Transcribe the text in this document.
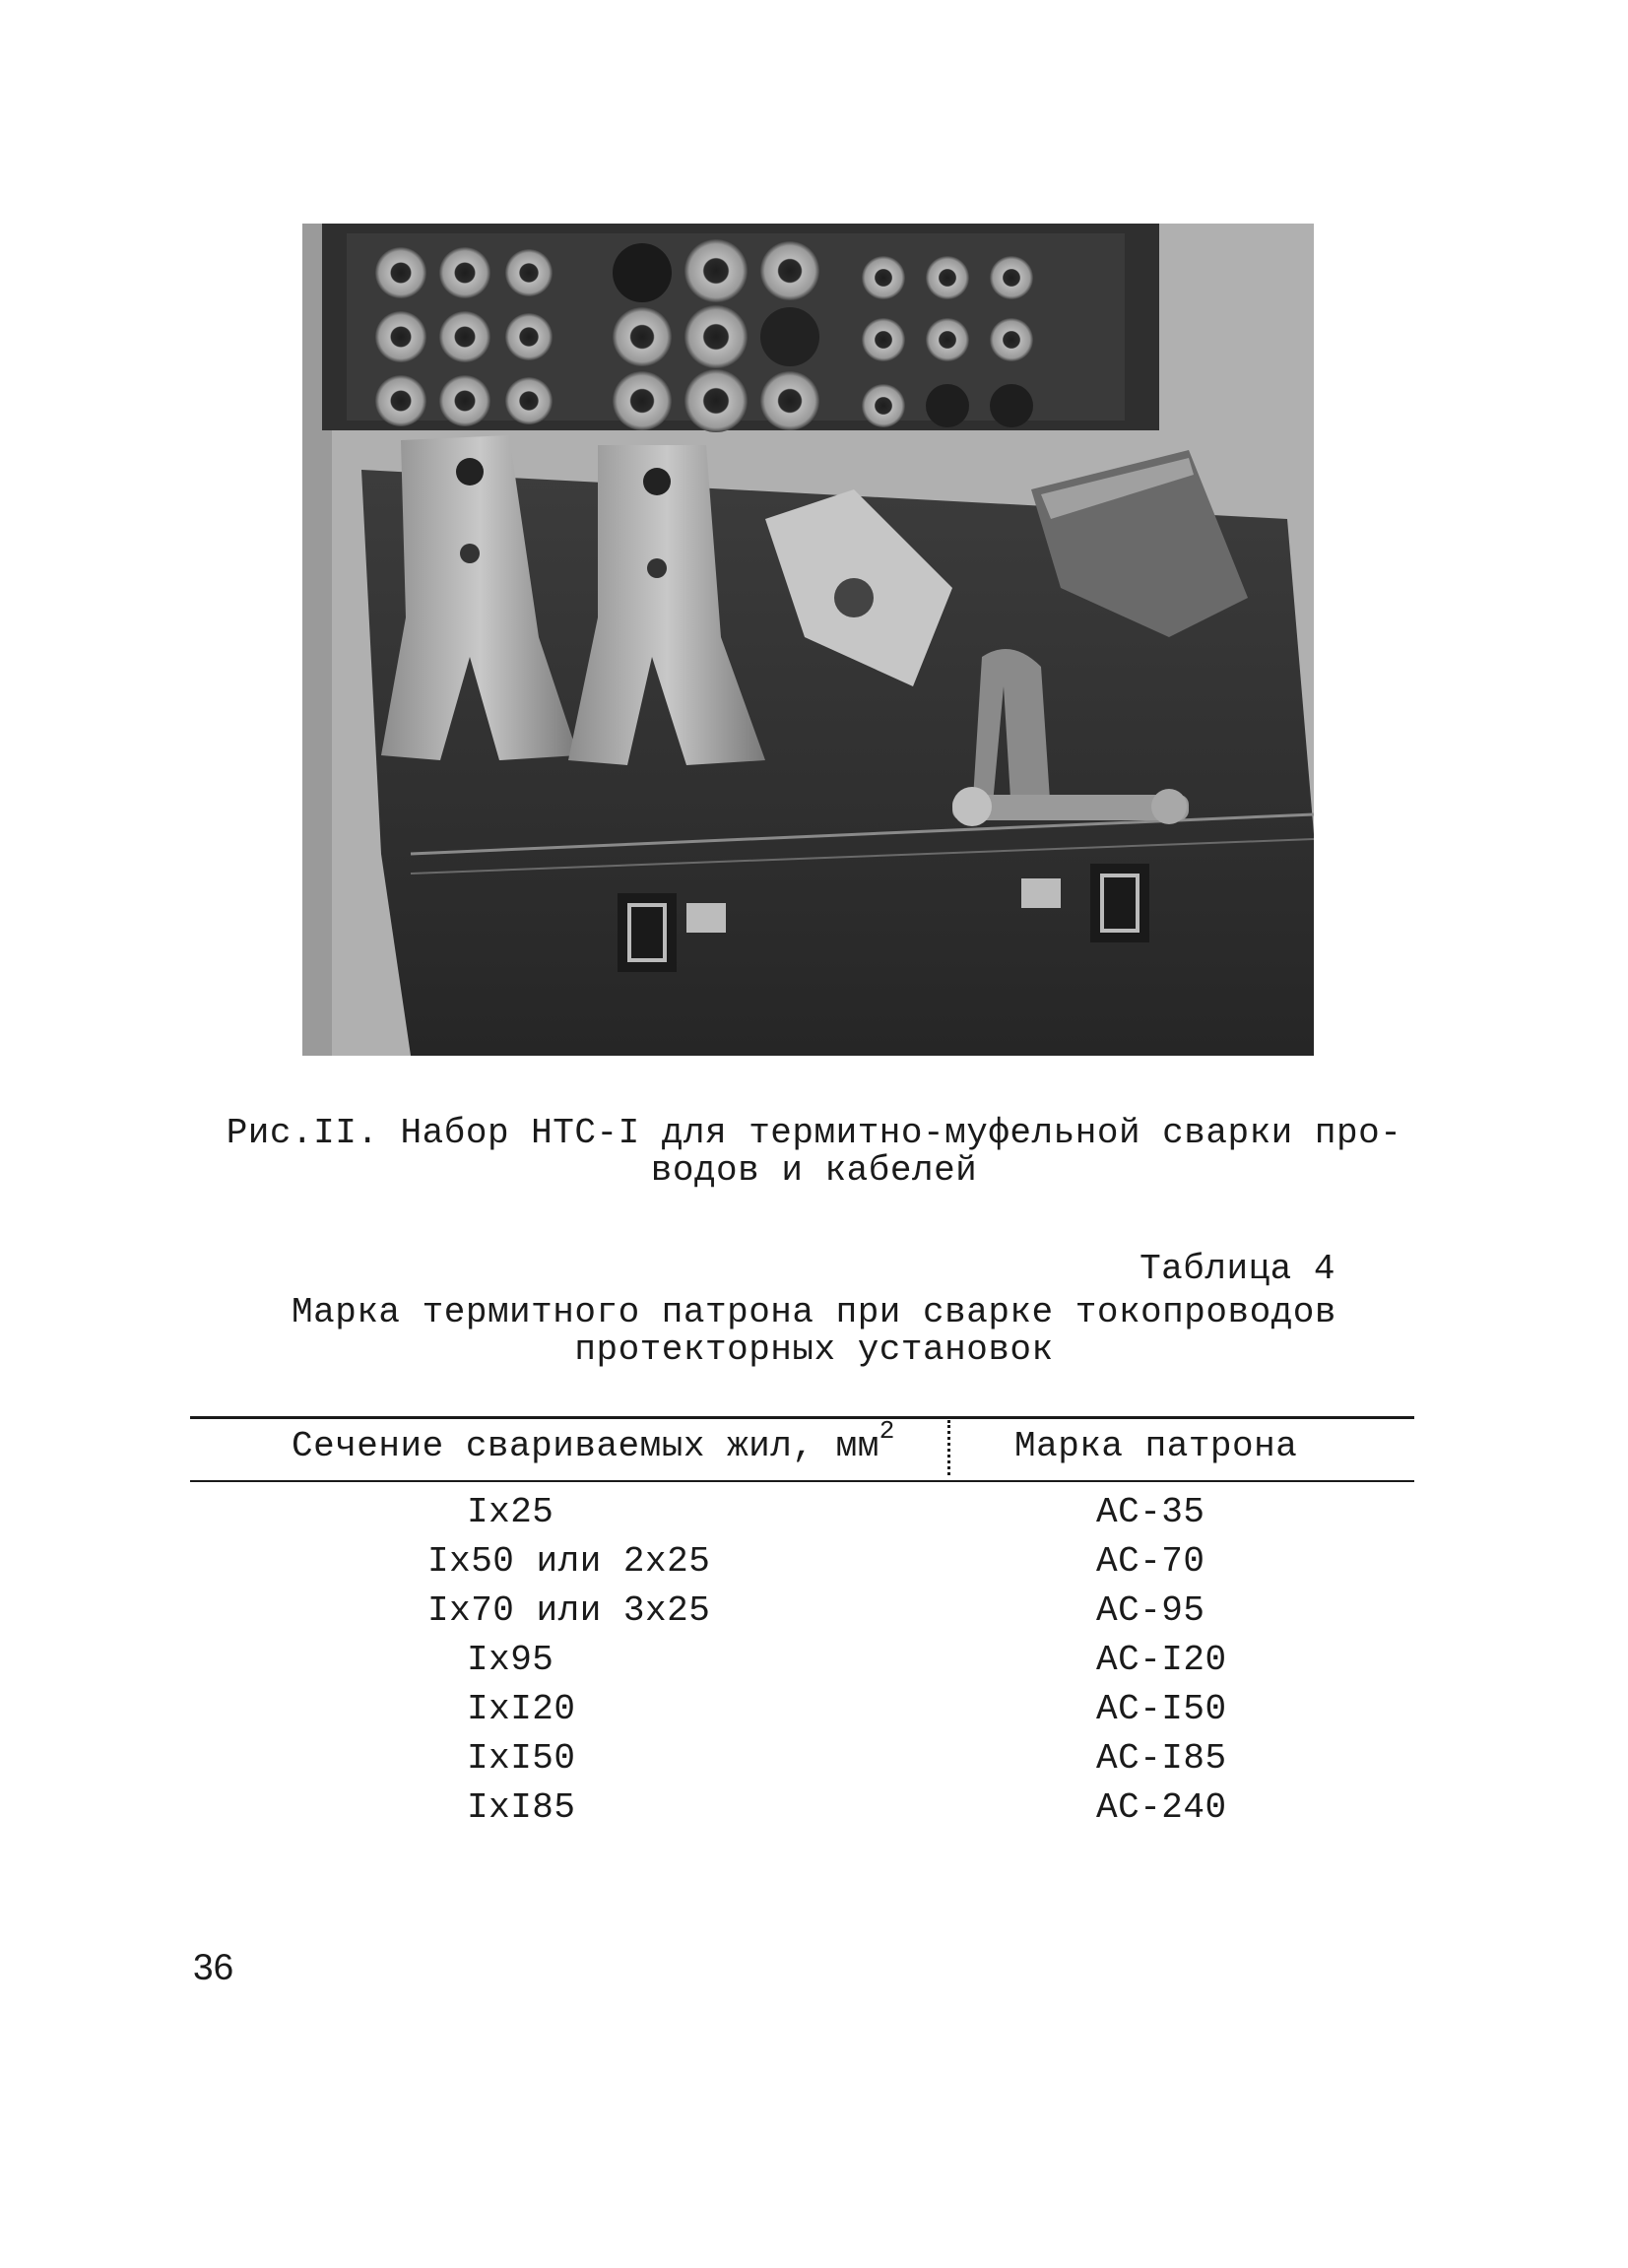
Рис.II. Набор НТС-I для термитно-муфельной сварки про-
водов и кабелей
Таблица 4
Марка термитного патрона при сварке токопроводов
протекторных установок
Сечение свариваемых жил, $мм^2$	Марка патрона
Iх25	АС-35
Iх50 или 2х25	АС-70
Iх70 или 3х25	АС-95
Iх95	АС-I20
IхI20	АС-I50
IхI50	АС-I85
IхI85	АС-240
36
